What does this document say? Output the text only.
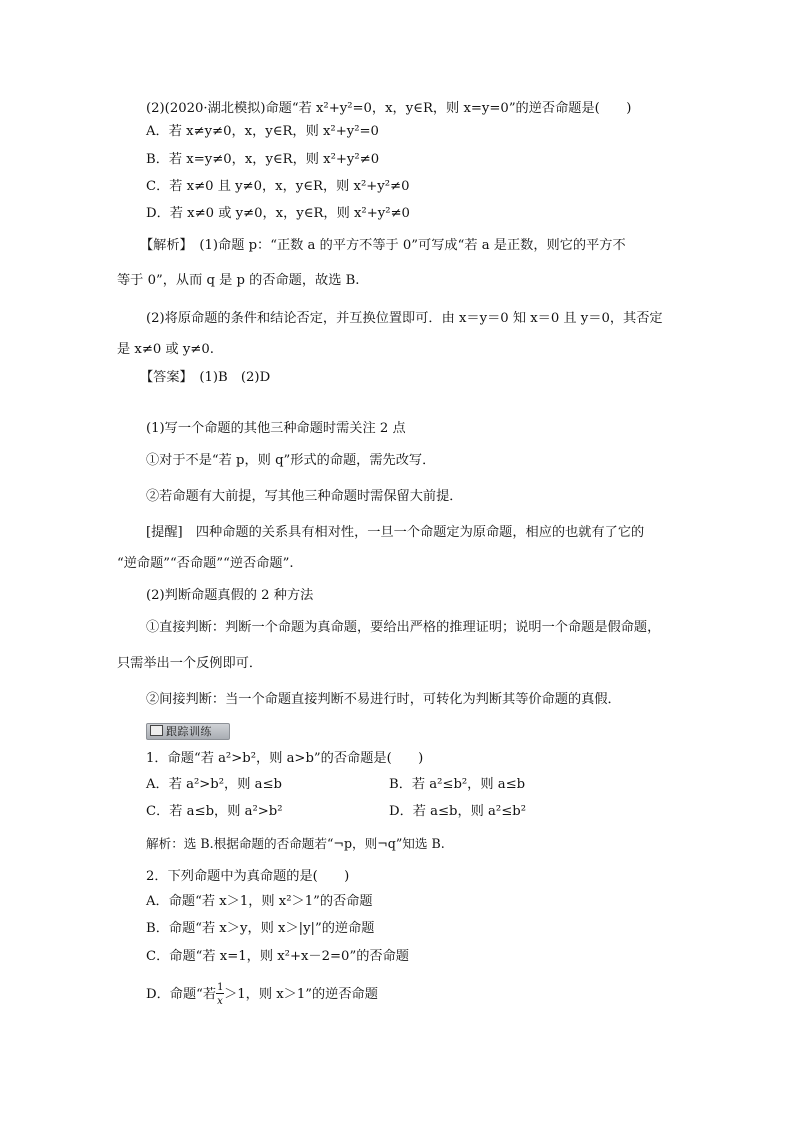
(2)(2020·湖北模拟)命题“若 x²+y²=0，x，y∈R，则 x=y=0”的逆否命题是(　　)
A．若 x≠y≠0，x，y∈R，则 x²+y²=0
B．若 x=y≠0，x，y∈R，则 x²+y²≠0
C．若 x≠0 且 y≠0，x，y∈R，则 x²+y²≠0
D．若 x≠0 或 y≠0，x，y∈R，则 x²+y²≠0
【解析】　(1)命题 p：“正数 a 的平方不等于 0”可写成“若 a 是正数，则它的平方不
等于 0”，从而 q 是 p 的否命题，故选 B.
(2)将原命题的条件和结论否定，并互换位置即可．由 x＝y＝0 知 x＝0 且 y＝0，其否定
是 x≠0 或 y≠0.
【答案】　(1)B　(2)D
(1)写一个命题的其他三种命题时需关注 2 点
①对于不是“若 p，则 q”形式的命题，需先改写．
②若命题有大前提，写其他三种命题时需保留大前提．
[提醒]　四种命题的关系具有相对性，一旦一个命题定为原命题，相应的也就有了它的
“逆命题”“否命题”“逆否命题”.
(2)判断命题真假的 2 种方法
①直接判断：判断一个命题为真命题，要给出严格的推理证明；说明一个命题是假命题，
只需举出一个反例即可．
②间接判断：当一个命题直接判断不易进行时，可转化为判断其等价命题的真假．
跟踪训练
1．命题“若 a²>b²，则 a>b”的否命题是(　　)
A．若 a²>b²，则 a≤b	B．若 a²≤b²，则 a≤b
C．若 a≤b，则 a²>b²	D．若 a≤b，则 a²≤b²
解析：选 B.根据命题的否命题若“¬p，则¬q”知选 B.
2．下列命题中为真命题的是(　　)
A．命题“若 x＞1，则 x²＞1”的否命题
B．命题“若 x＞y，则 x＞|y|”的逆命题
C．命题“若 x=1，则 x²+x－2=0”的否命题
D．命题“若 $\frac{1}{x} >1$，则 x＞1”的逆否命题
